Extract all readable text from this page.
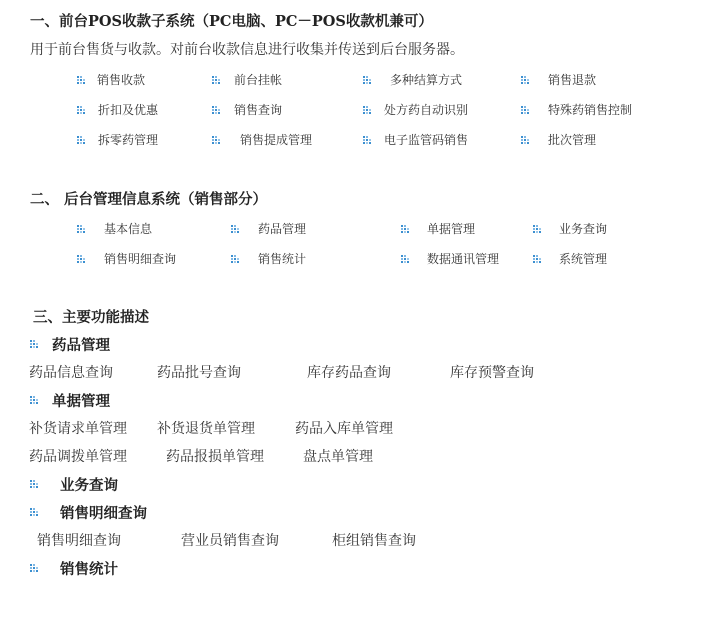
一、前台POS收款子系统（PC电脑、PC－POS收款机兼可）
用于前台售货与收款。对前台收款信息进行收集并传送到后台服务器。
销售收款	前台挂帐	多种结算方式	销售退款
折扣及优惠	销售查询	处方药自动识别	特殊药销售控制
拆零药管理	销售提成管理	电子监管码销售	批次管理
二、 后台管理信息系统（销售部分）
基本信息	药品管理	单据管理	业务查询
销售明细查询	销售统计	数据通讯管理	系统管理
三、主要功能描述
药品管理
药品信息查询	药品批号查询	库存药品查询	库存预警查询
单据管理
补货请求单管理 补货退货单管理	药品入库单管理
药品调拨单管理	药品报损单管理	盘点单管理
业务查询
销售明细查询
销售明细查询	营业员销售查询	柜组销售查询
销售统计
